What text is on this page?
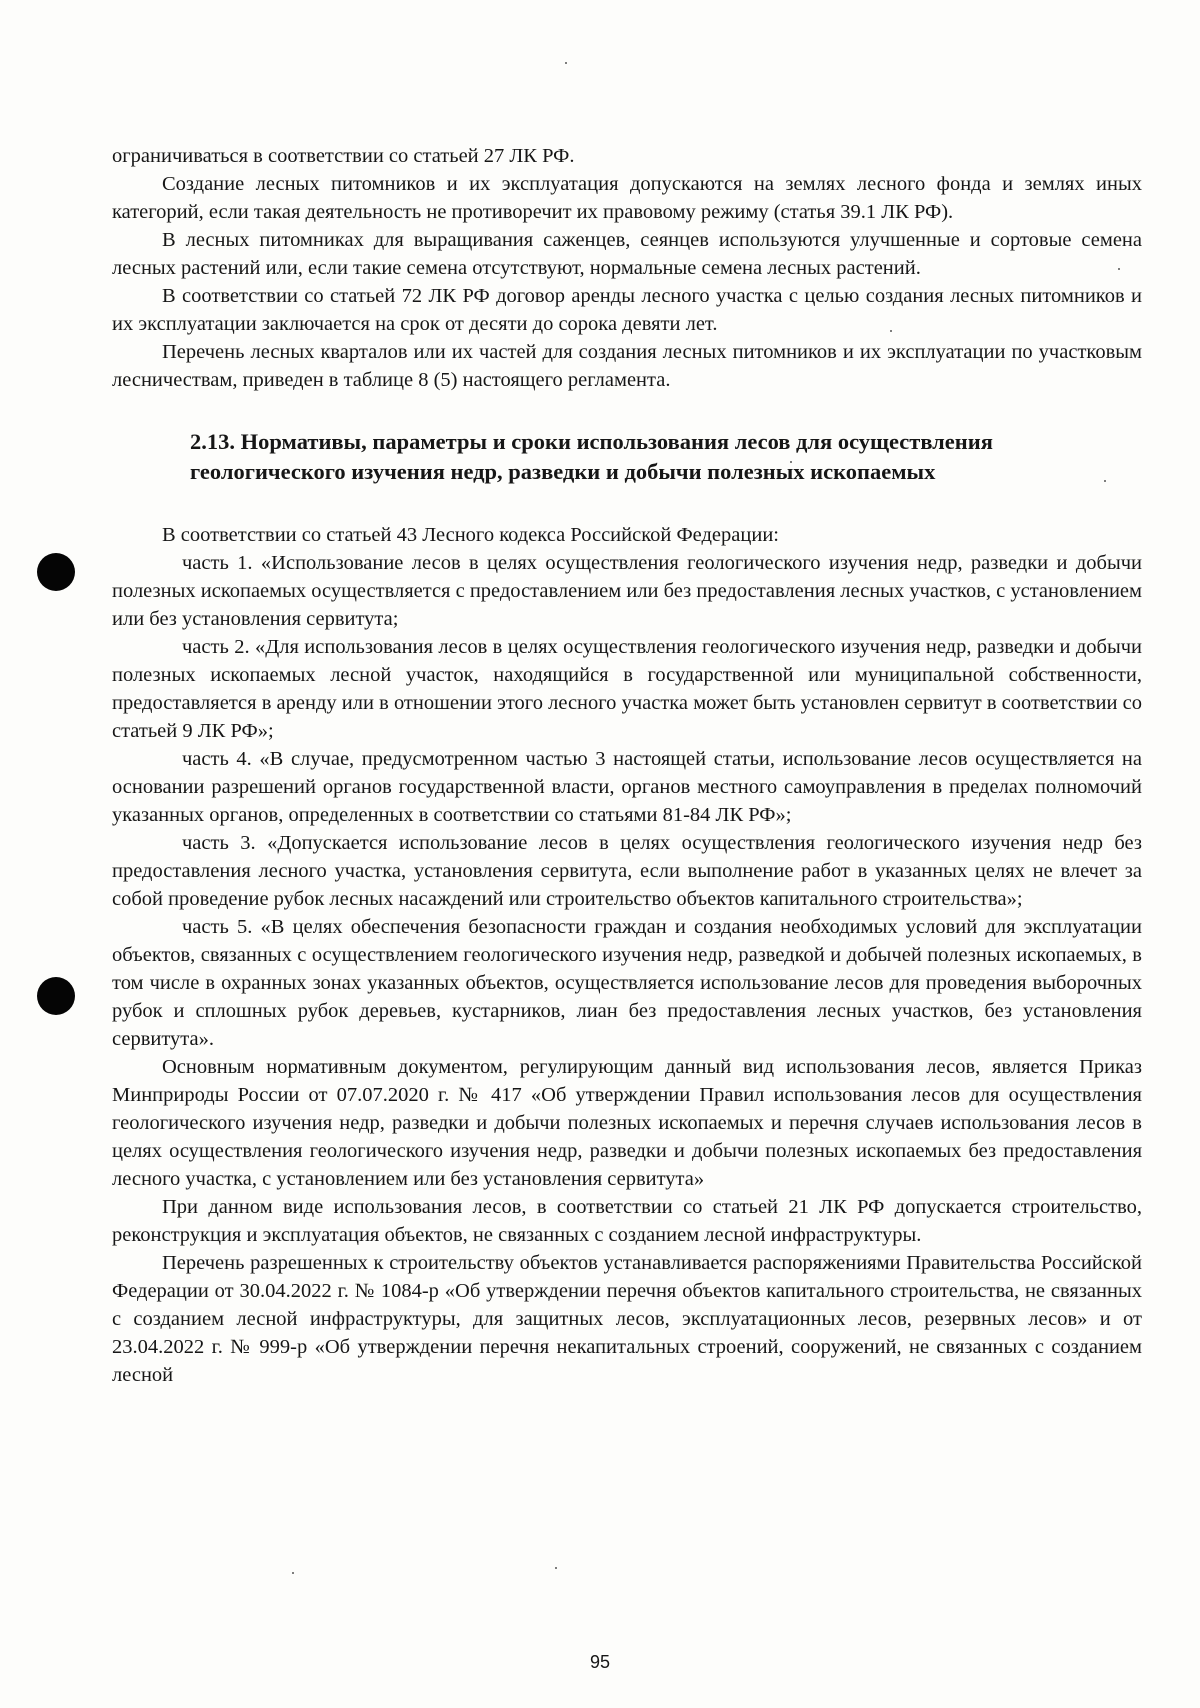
ограничиваться в соответствии со статьей 27 ЛК РФ.

Создание лесных питомников и их эксплуатация допускаются на землях лесного фонда и землях иных категорий, если такая деятельность не противоречит их правовому режиму (статья 39.1 ЛК РФ).

В лесных питомниках для выращивания саженцев, сеянцев используются улучшенные и сортовые семена лесных растений или, если такие семена отсутствуют, нормальные семена лесных растений.

В соответствии со статьей 72 ЛК РФ договор аренды лесного участка с целью создания лесных питомников и их эксплуатации заключается на срок от десяти до сорока девяти лет.

Перечень лесных кварталов или их частей для создания лесных питомников и их эксплуатации по участковым лесничествам, приведен в таблице 8 (5) настоящего регламента.

2.13. Нормативы, параметры и сроки использования лесов для осуществления геологического изучения недр, разведки и добычи полезных ископаемых

В соответствии со статьей 43 Лесного кодекса Российской Федерации:

часть 1. «Использование лесов в целях осуществления геологического изучения недр, разведки и добычи полезных ископаемых осуществляется с предоставлением или без предоставления лесных участков, с установлением или без установления сервитута;

часть 2. «Для использования лесов в целях осуществления геологического изучения недр, разведки и добычи полезных ископаемых лесной участок, находящийся в государственной или муниципальной собственности, предоставляется в аренду или в отношении этого лесного участка может быть установлен сервитут в соответствии со статьей 9 ЛК РФ»;

часть 4. «В случае, предусмотренном частью 3 настоящей статьи, использование лесов осуществляется на основании разрешений органов государственной власти, органов местного самоуправления в пределах полномочий указанных органов, определенных в соответствии со статьями 81-84 ЛК РФ»;

часть 3. «Допускается использование лесов в целях осуществления геологического изучения недр без предоставления лесного участка, установления сервитута, если выполнение работ в указанных целях не влечет за собой проведение рубок лесных насаждений или строительство объектов капитального строительства»;

часть 5. «В целях обеспечения безопасности граждан и создания необходимых условий для эксплуатации объектов, связанных с осуществлением геологического изучения недр, разведкой и добычей полезных ископаемых, в том числе в охранных зонах указанных объектов, осуществляется использование лесов для проведения выборочных рубок и сплошных рубок деревьев, кустарников, лиан без предоставления лесных участков, без установления сервитута».

Основным нормативным документом, регулирующим данный вид использования лесов, является Приказ Минприроды России от 07.07.2020 г. № 417 «Об утверждении Правил использования лесов для осуществления геологического изучения недр, разведки и добычи полезных ископаемых и перечня случаев использования лесов в целях осуществления геологического изучения недр, разведки и добычи полезных ископаемых без предоставления лесного участка, с установлением или без установления сервитута»

При данном виде использования лесов, в соответствии со статьей 21 ЛК РФ допускается строительство, реконструкция и эксплуатация объектов, не связанных с созданием лесной инфраструктуры.

Перечень разрешенных к строительству объектов устанавливается распоряжениями Правительства Российской Федерации от 30.04.2022 г. № 1084-р «Об утверждении перечня объектов капитального строительства, не связанных с созданием лесной инфраструктуры, для защитных лесов, эксплуатационных лесов, резервных лесов» и от 23.04.2022 г. № 999-р «Об утверждении перечня некапитальных строений, сооружений, не связанных с созданием лесной

95
